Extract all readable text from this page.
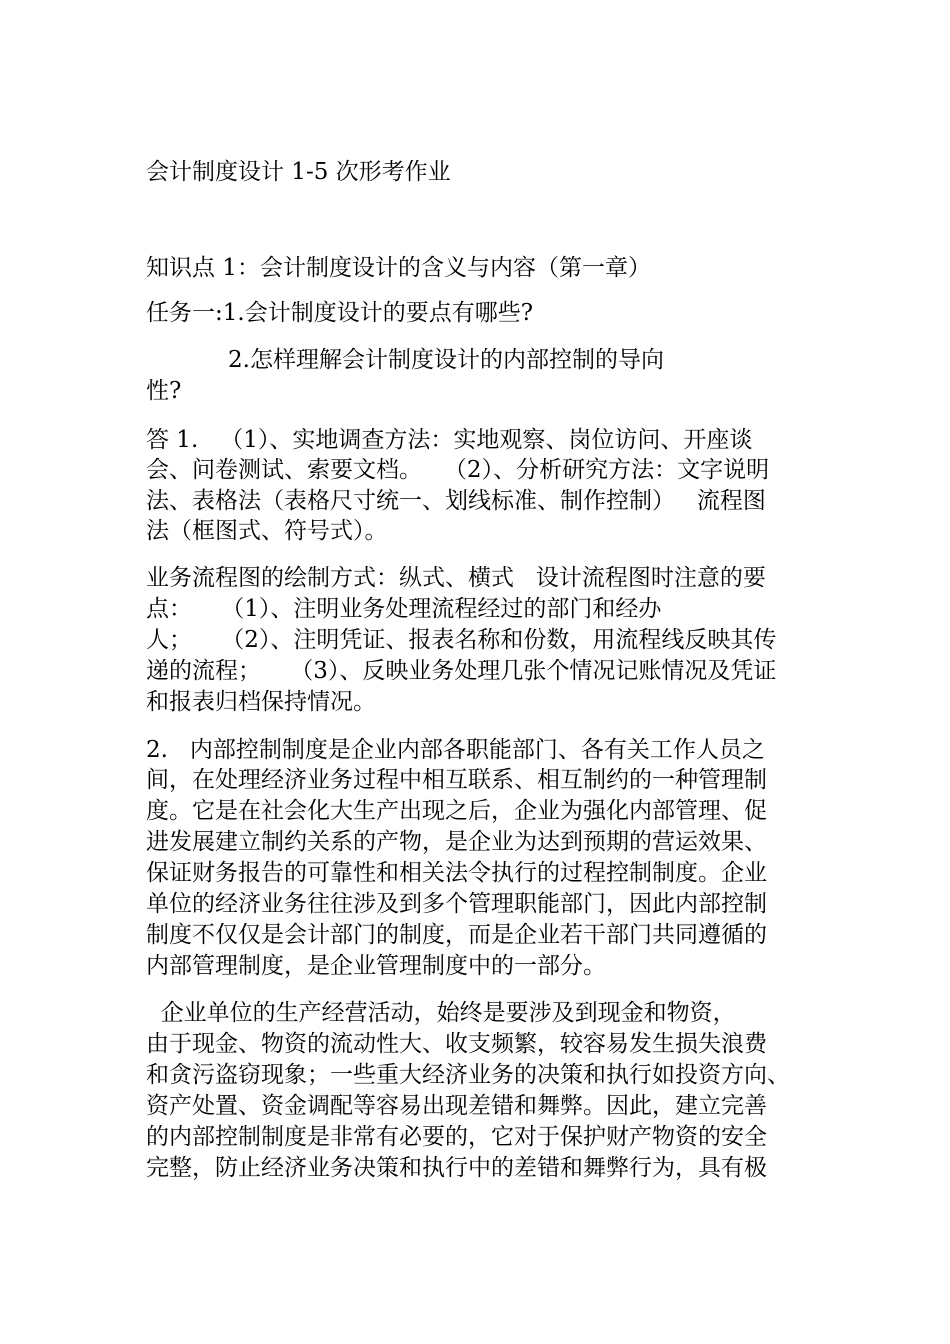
会计制度设计 1-5 次形考作业
知识点 1：会计制度设计的含义与内容（第一章）
任务一:1.会计制度设计的要点有哪些?
2.怎样理解会计制度设计的内部控制的导向
性?
答 1.   （1）、实地调查方法：实地观察、岗位访问、开座谈
会、问卷测试、索要文档。   （2）、分析研究方法：文字说明
法、表格法（表格尺寸统一、划线标准、制作控制）   流程图
法（框图式、符号式）。
业务流程图的绘制方式：纵式、横式   设计流程图时注意的要
点：    （1）、注明业务处理流程经过的部门和经办
人；    （2）、注明凭证、报表名称和份数，用流程线反映其传
递的流程；    （3）、反映业务处理几张个情况记账情况及凭证
和报表归档保持情况。
2.   内部控制制度是企业内部各职能部门、各有关工作人员之
间，在处理经济业务过程中相互联系、相互制约的一种管理制
度。它是在社会化大生产出现之后，企业为强化内部管理、促
进发展建立制约关系的产物，是企业为达到预期的营运效果、
保证财务报告的可靠性和相关法令执行的过程控制制度。企业
单位的经济业务往往涉及到多个管理职能部门，因此内部控制
制度不仅仅是会计部门的制度，而是企业若干部门共同遵循的
内部管理制度，是企业管理制度中的一部分。
企业单位的生产经营活动，始终是要涉及到现金和物资，
由于现金、物资的流动性大、收支频繁，较容易发生损失浪费
和贪污盗窃现象；一些重大经济业务的决策和执行如投资方向、
资产处置、资金调配等容易出现差错和舞弊。因此，建立完善
的内部控制制度是非常有必要的，它对于保护财产物资的安全
完整，防止经济业务决策和执行中的差错和舞弊行为，具有极
